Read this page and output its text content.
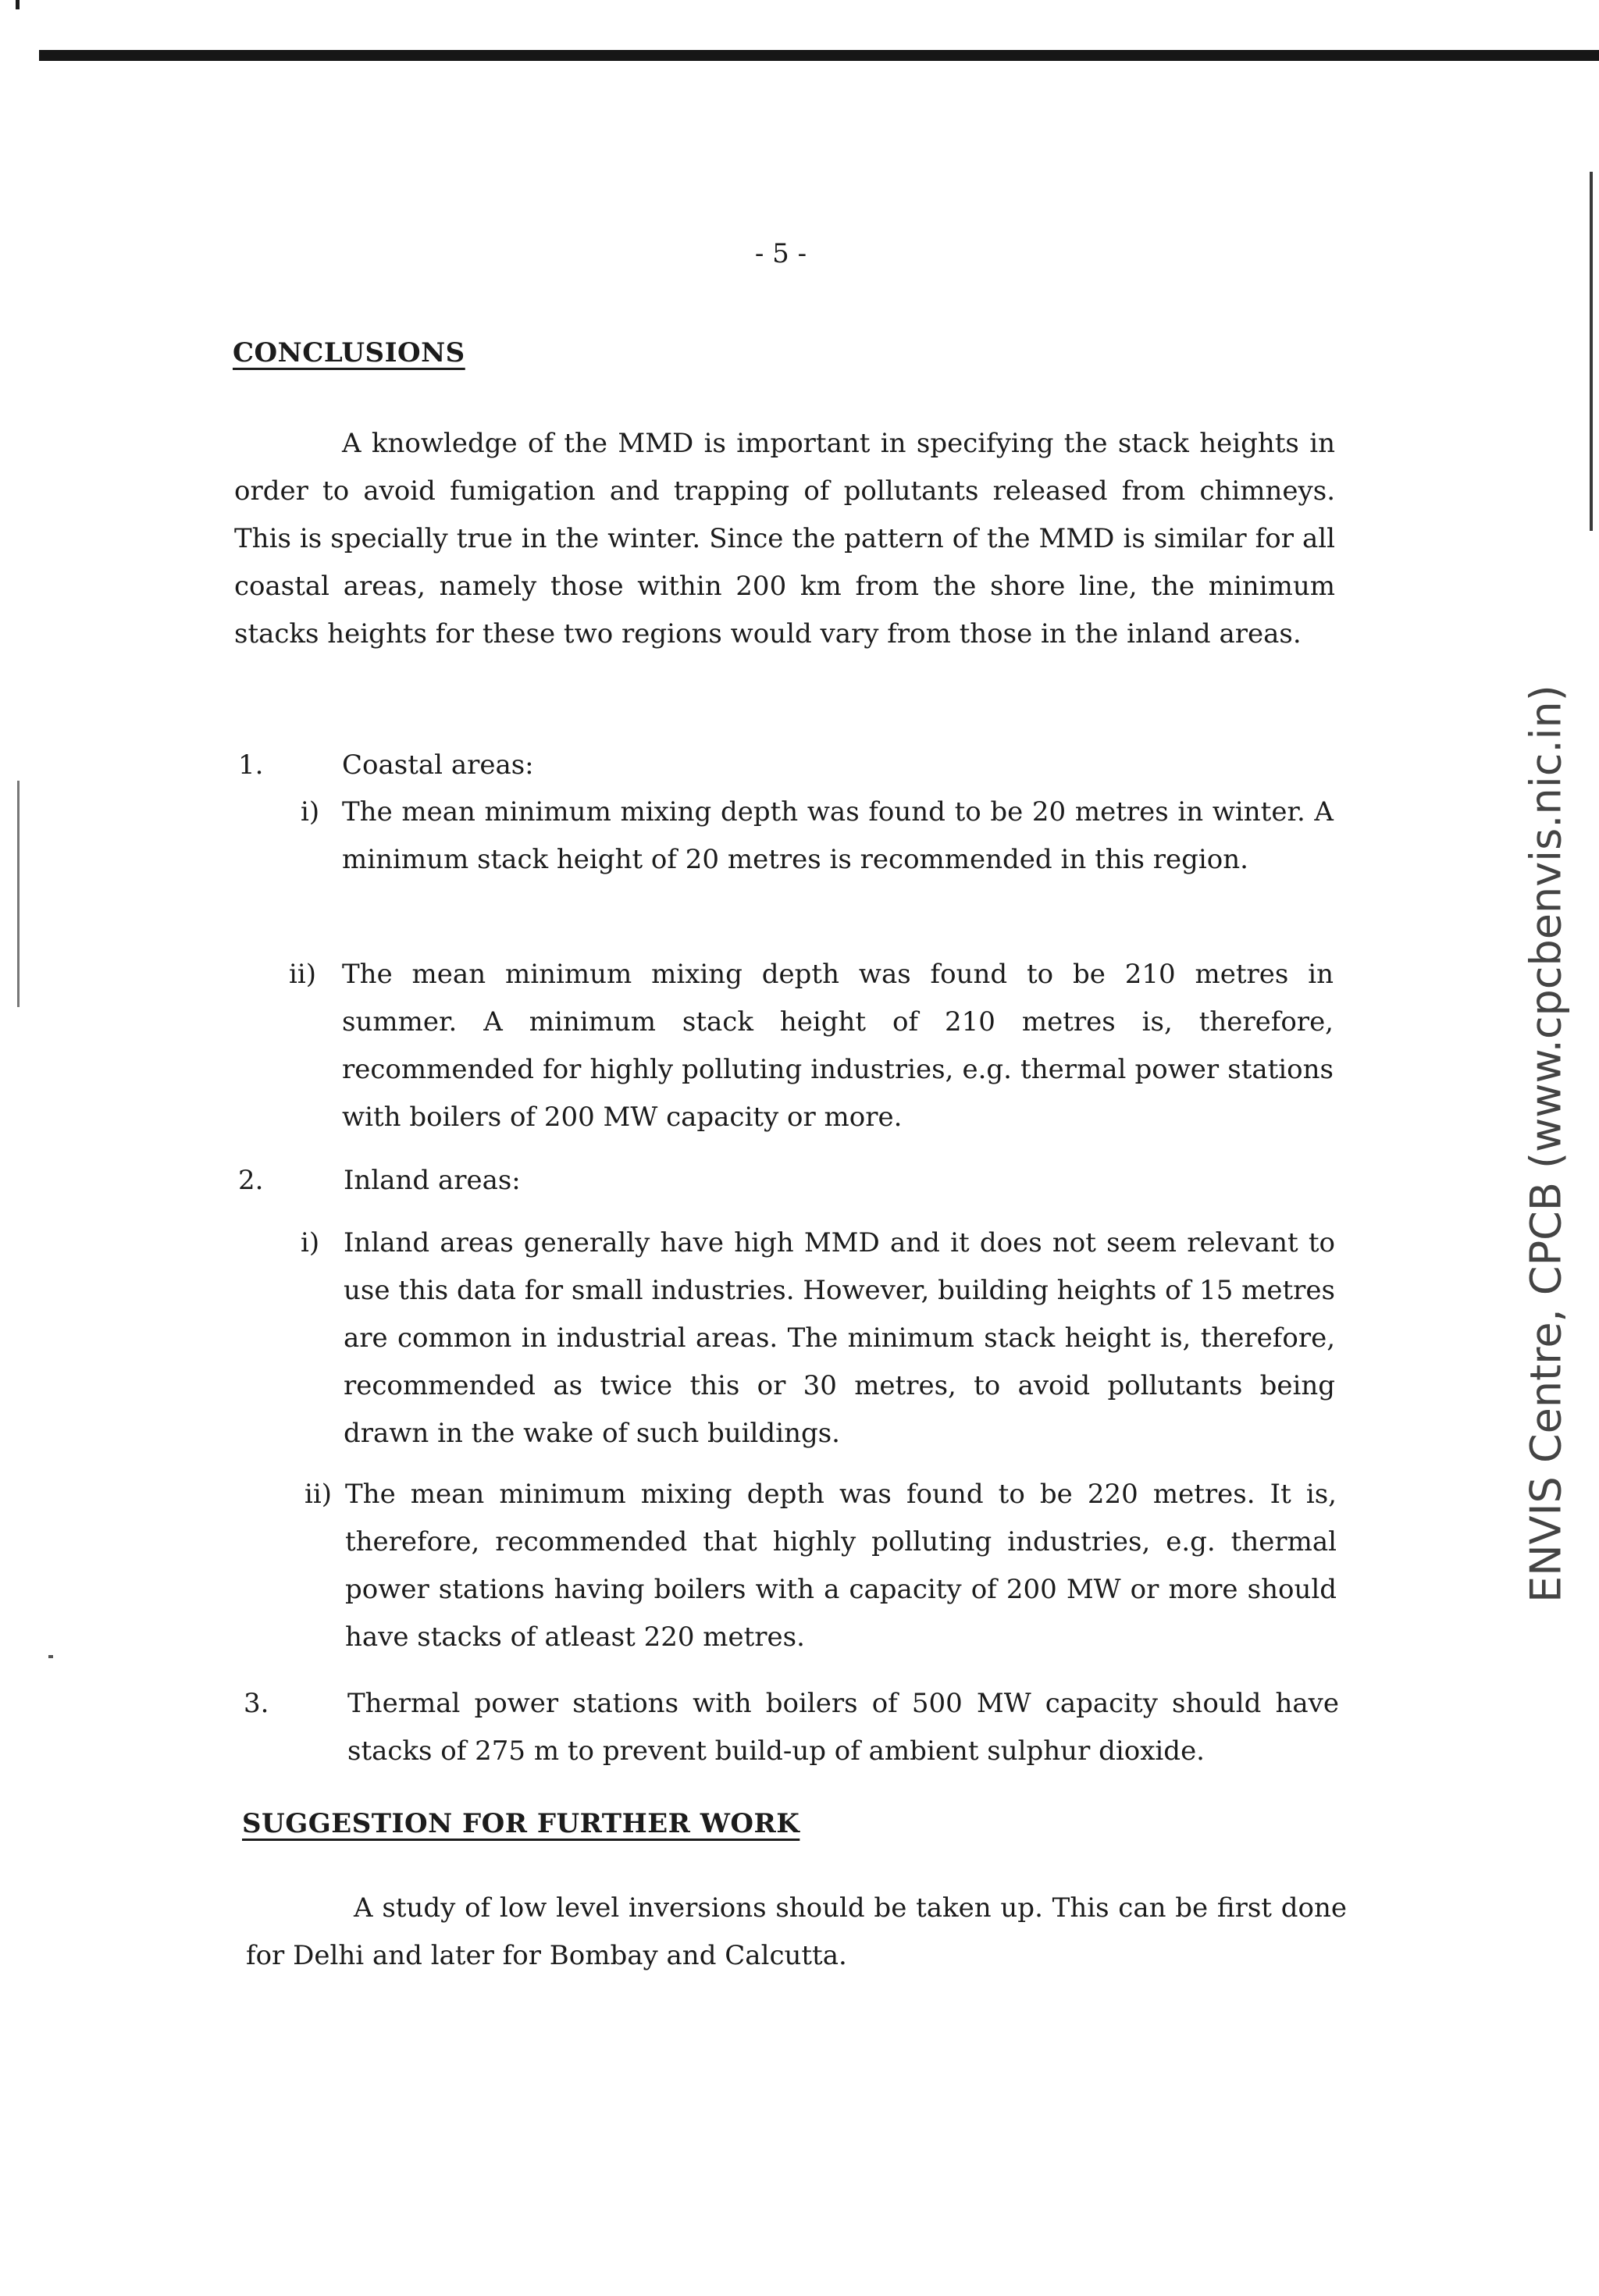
- 5 -
CONCLUSIONS

A knowledge of the MMD is important in specifying the stack heights in order to avoid fumigation and trapping of pollutants released from chimneys. This is specially true in the winter. Since the pattern of the MMD is similar for all coastal areas, namely those within 200 km from the shore line, the minimum stacks heights for these two regions would vary from those in the inland areas.

1.	Coastal areas:
i) The mean minimum mixing depth was found to be 20 metres in winter. A minimum stack height of 20 metres is recommended in this region.

ii) The mean minimum mixing depth was found to be 210 metres in summer. A minimum stack height of 210 metres is, therefore, recommended for highly polluting industries, e.g. thermal power stations with boilers of 200 MW capacity or more.

2.	Inland areas:
i) Inland areas generally have high MMD and it does not seem relevant to use this data for small industries. However, building heights of 15 metres are common in industrial areas. The minimum stack height is, therefore, recommended as twice this or 30 metres, to avoid pollutants being drawn in the wake of such buildings.

ii) The mean minimum mixing depth was found to be 220 metres. It is, therefore, recommended that highly polluting industries, e.g. thermal power stations having boilers with a capacity of 200 MW or more should have stacks of atleast 220 metres.

3.	Thermal power stations with boilers of 500 MW capacity should have stacks of 275 m to prevent build-up of ambient sulphur dioxide.

SUGGESTION FOR FURTHER WORK

A study of low level inversions should be taken up. This can be first done for Delhi and later for Bombay and Calcutta.

ENVIS Centre, CPCB (www.cpcbenvis.nic.in)
